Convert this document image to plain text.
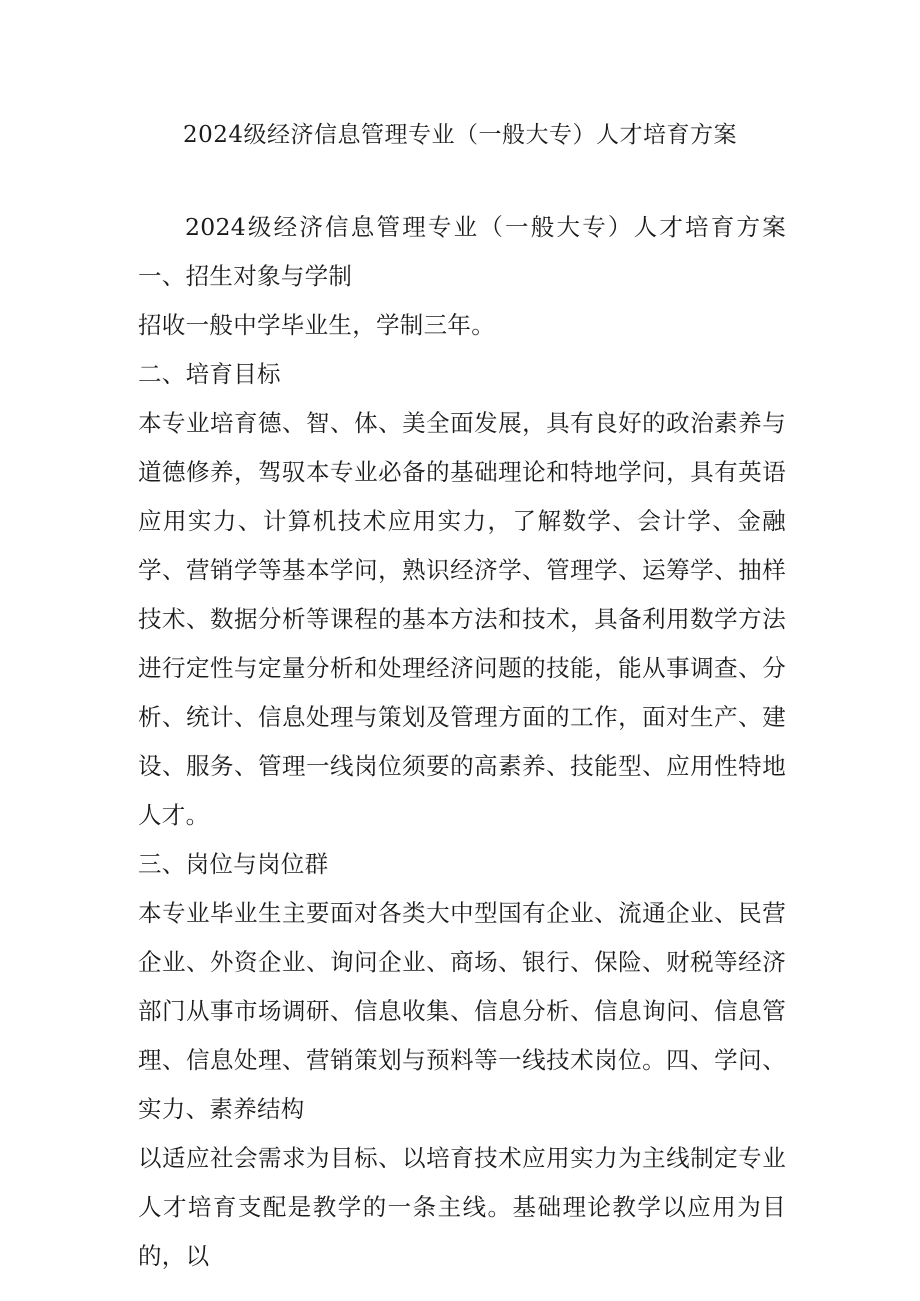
2024级经济信息管理专业（一般大专）人才培育方案

2024级经济信息管理专业（一般大专）人才培育方案一、招生对象与学制

招收一般中学毕业生，学制三年。

二、培育目标

本专业培育德、智、体、美全面发展，具有良好的政治素养与道德修养，驾驭本专业必备的基础理论和特地学问，具有英语应用实力、计算机技术应用实力，了解数学、会计学、金融学、营销学等基本学问，熟识经济学、管理学、运筹学、抽样技术、数据分析等课程的基本方法和技术，具备利用数学方法进行定性与定量分析和处理经济问题的技能，能从事调查、分析、统计、信息处理与策划及管理方面的工作，面对生产、建设、服务、管理一线岗位须要的高素养、技能型、应用性特地人才。

三、岗位与岗位群

本专业毕业生主要面对各类大中型国有企业、流通企业、民营企业、外资企业、询问企业、商场、银行、保险、财税等经济部门从事市场调研、信息收集、信息分析、信息询问、信息管理、信息处理、营销策划与预料等一线技术岗位。四、学问、实力、素养结构

以适应社会需求为目标、以培育技术应用实力为主线制定专业人才培育支配是教学的一条主线。基础理论教学以应用为目的，以
